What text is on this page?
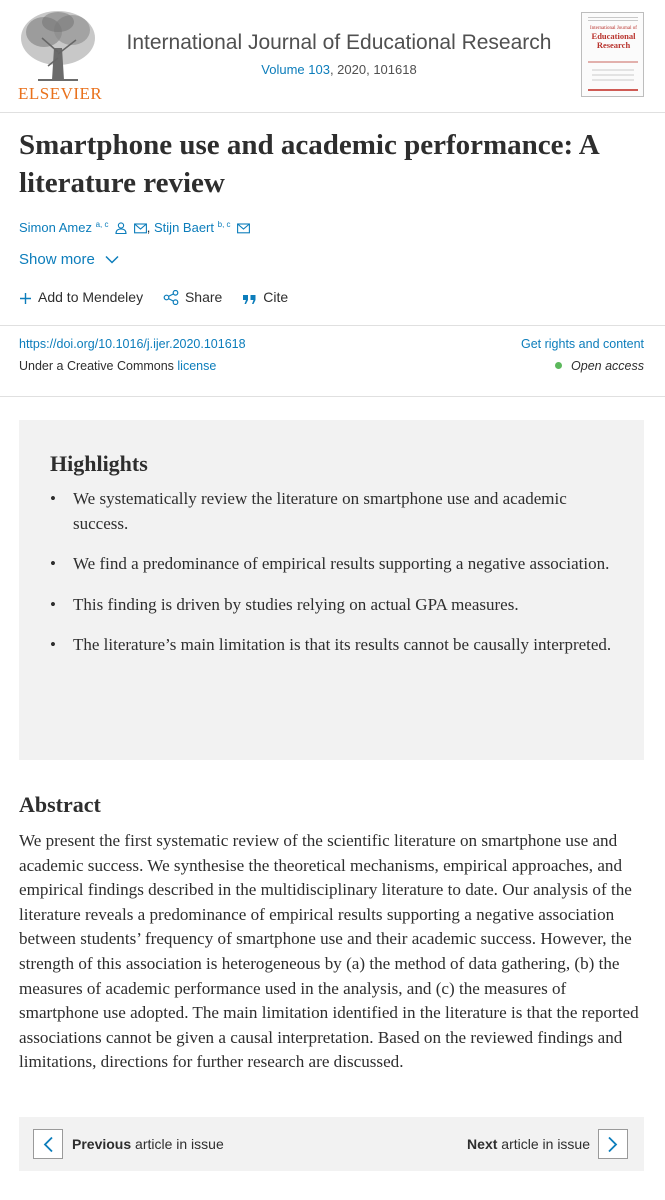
ELSEVIER
International Journal of Educational Research
Volume 103, 2020, 101618
International Journal of
Educational
Research
Smartphone use and academic performance: A literature review
Simon Amez $^{a, c}$	, Stijn Baert $^{b, c}$
Show more
Add to Mendeley	Share	Cite
https://doi.org/10.1016/j.ijer.2020.101618	Get rights and content
Under a Creative Commons license	Open access
Highlights
• We systematically review the literature on smartphone use and academic success.
• We find a predominance of empirical results supporting a negative association.
• This finding is driven by studies relying on actual GPA measures.
• The literature’s main limitation is that its results cannot be causally interpreted.
Abstract

We present the first systematic review of the scientific literature on smartphone use and academic success. We synthesise the theoretical mechanisms, empirical approaches, and empirical findings described in the multidisciplinary literature to date. Our analysis of the literature reveals a predominance of empirical results supporting a negative association between students’ frequency of smartphone use and their academic success. However, the strength of this association is heterogeneous by (a) the method of data gathering, (b) the measures of academic performance used in the analysis, and (c) the measures of smartphone use adopted. The main limitation identified in the literature is that the reported associations cannot be given a causal interpretation. Based on the reviewed findings and limitations, directions for further research are discussed.

Previous article in issue	Next article in issue
